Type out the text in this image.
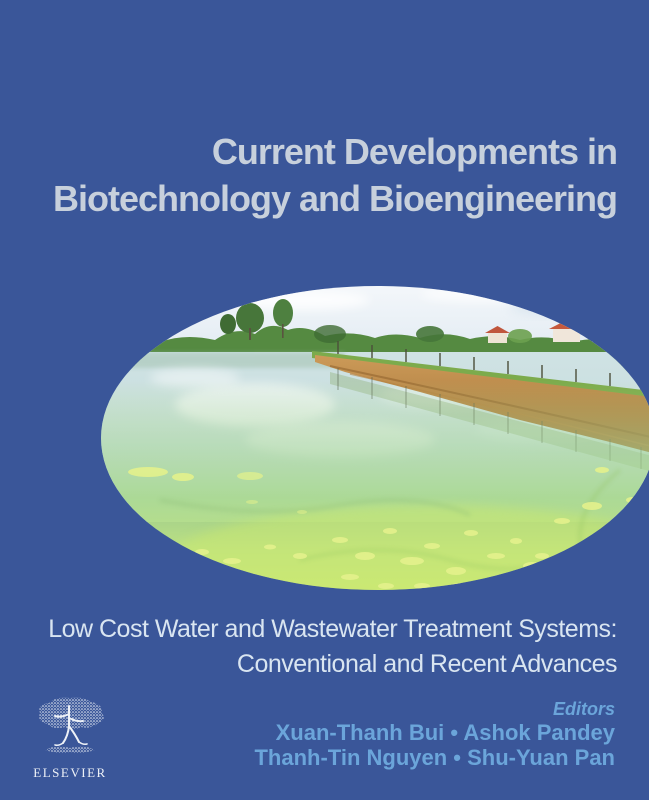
Current Developments in
Biotechnology and Bioengineering
Low Cost Water and Wastewater Treatment Systems:
Conventional and Recent Advances
Editors
Xuan-Thanh Bui • Ashok Pandey
Thanh-Tin Nguyen • Shu-Yuan Pan
ELSEVIER
